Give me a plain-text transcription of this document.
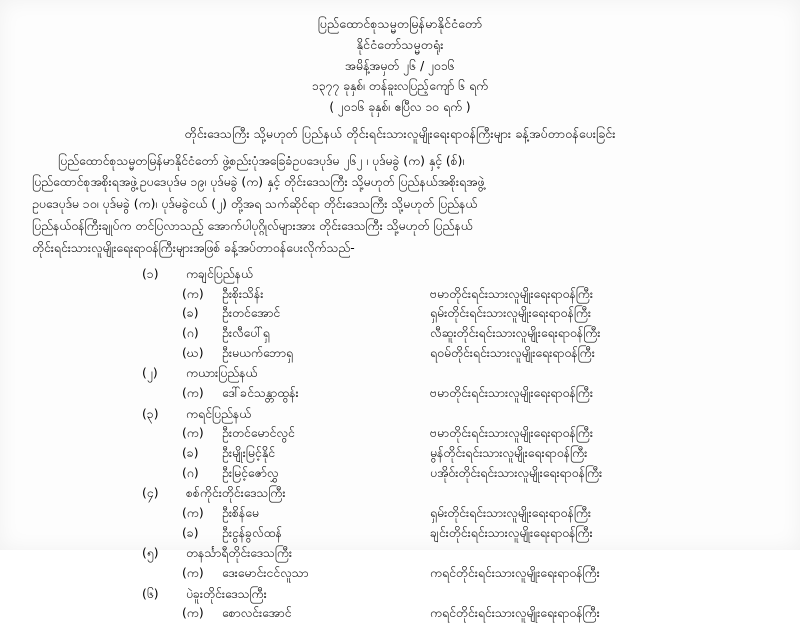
ပြည်ထောင်စုသမ္မတမြန်မာနိုင်ငံတော်
နိုင်ငံတော်သမ္မတရုံး
အမိန့်အမှတ် ၂၆ / ၂၀၁၆
၁၃၇၇ ခုနှစ်၊ တန်ခူးလပြည့်ကျော် ၆ ရက်
( ၂၀၁၆ ခုနှစ်၊ ဧပြီလ ၁၀ ရက် )
တိုင်းဒေသကြီး သို့မဟုတ် ပြည်နယ် တိုင်းရင်းသားလူမျိုးရေးရာဝန်ကြီးများ ခန့်အပ်တာဝန်ပေးခြင်း

ပြည်ထောင်စုသမ္မတမြန်မာနိုင်ငံတော် ဖွဲ့စည်းပုံအခြေခံဥပဒေပုဒ်မ ၂၆၂ ၊ ပုဒ်မခွဲ (က) နှင့် (စ်)၊

ပြည်ထောင်စုအစိုးရအဖွဲ့ဥပဒေပုဒ်မ ၁၉၊ ပုဒ်မခွဲ (က) နှင့် တိုင်းဒေသကြီး သို့မဟုတ် ပြည်နယ်အစိုးရအဖွဲ့

ဥပဒေပုဒ်မ ၁၀၊ ပုဒ်မခွဲ (က)၊ ပုဒ်မခွဲငယ် (၂) တို့အရ သက်ဆိုင်ရာ တိုင်းဒေသကြီး သို့မဟုတ် ပြည်နယ်

ပြည်နယ်ဝန်ကြီးချုပ်က တင်ပြလာသည့် အောက်ပါပုဂ္ဂိုလ်များအား တိုင်းဒေသကြီး သို့မဟုတ် ပြည်နယ်

တိုင်းရင်းသားလူမျိုးရေးရာဝန်ကြီးများအဖြစ် ခန့်အပ်တာဝန်ပေးလိုက်သည်-

(၁)	ကချင်ပြည်နယ်
(က)	ဦးစိုးသိန်း	ဗမာတိုင်းရင်းသားလူမျိုးရေးရာဝန်ကြီး
(ခ)	ဦးတင်အောင်	ရှမ်းတိုင်းရင်းသားလူမျိုးရေးရာဝန်ကြီး
(ဂ)	ဦးလီပေါ်ရှ	လီဆူးတိုင်းရင်းသားလူမျိုးရေးရာဝန်ကြီး
(ဃ)	ဦးမယက်ဘောရှ	ရဝမ်တိုင်းရင်းသားလူမျိုးရေးရာဝန်ကြီး
(၂)	ကယားပြည်နယ်
(က)	ဒေါ်ခင်သန္တာထွန်း	ဗမာတိုင်းရင်းသားလူမျိုးရေးရာဝန်ကြီး
(၃)	ကရင်ပြည်နယ်
(က)	ဦးတင်မောင်လွင်	ဗမာတိုင်းရင်းသားလူမျိုးရေးရာဝန်ကြီး
(ခ)	ဦးမျိုးမြင့်နိုင်	မွန်တိုင်းရင်းသားလူမျိုးရေးရာဝန်ကြီး
(ဂ)	ဦးမြင့်ဇော်လွှ	ပအိုဝ်းတိုင်းရင်းသားလူမျိုးရေးရာဝန်ကြီး
(၄)	စစ်ကိုင်းတိုင်းဒေသကြီး
(က)	ဦးစိန်မေ	ရှမ်းတိုင်းရင်းသားလူမျိုးရေးရာဝန်ကြီး
(ခ)	ဦးငွန်ခွလ်ထန်	ချင်းတိုင်းရင်းသားလူမျိုးရေးရာဝန်ကြီး
(၅)	တနင်္သာရီတိုင်းဒေသကြီး
(က)	ဒေးမောင်းငင်လူသာ	ကရင်တိုင်းရင်းသားလူမျိုးရေးရာဝန်ကြီး
(၆)	ပဲခူးတိုင်းဒေသကြီး
(က)	စောလင်းအောင်	ကရင်တိုင်းရင်းသားလူမျိုးရေးရာဝန်ကြီး
